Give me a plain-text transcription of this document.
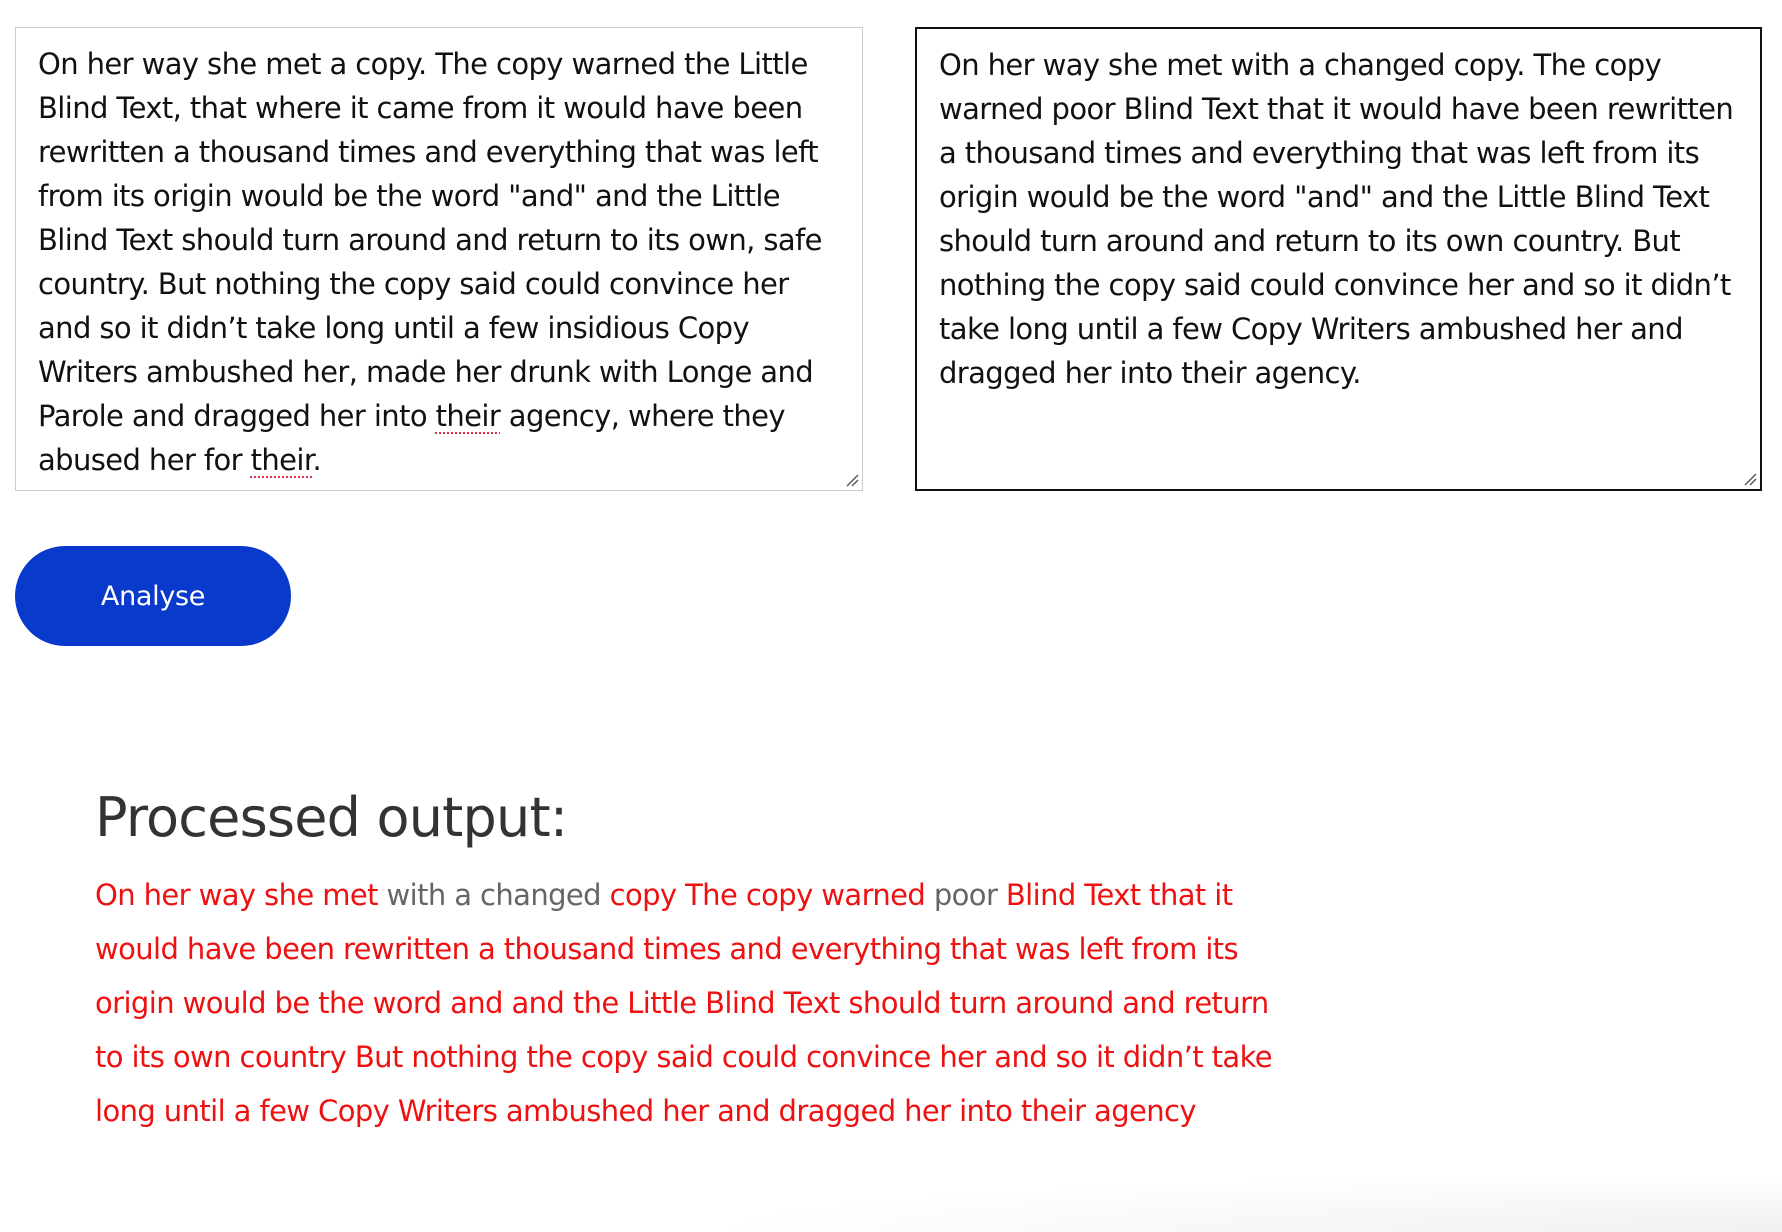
On her way she met a copy. The copy warned the Little Blind Text, that where it came from it would have been rewritten a thousand times and everything that was left from its origin would be the word "and" and the Little Blind Text should turn around and return to its own, safe country. But nothing the copy said could convince her and so it didn’t take long until a few insidious Copy Writers ambushed her, made her drunk with Longe and Parole and dragged her into their agency, where they abused her for their.
On her way she met with a changed copy. The copy warned poor Blind Text that it would have been rewritten a thousand times and everything that was left from its origin would be the word "and" and the Little Blind Text should turn around and return to its own country. But nothing the copy said could convince her and so it didn’t take long until a few Copy Writers ambushed her and dragged her into their agency.
Analyse
Processed output:
On her way she met with a changed copy The copy warned poor Blind Text that it would have been rewritten a thousand times and everything that was left from its origin would be the word and and the Little Blind Text should turn around and return to its own country But nothing the copy said could convince her and so it didn’t take long until a few Copy Writers ambushed her and dragged her into their agency
